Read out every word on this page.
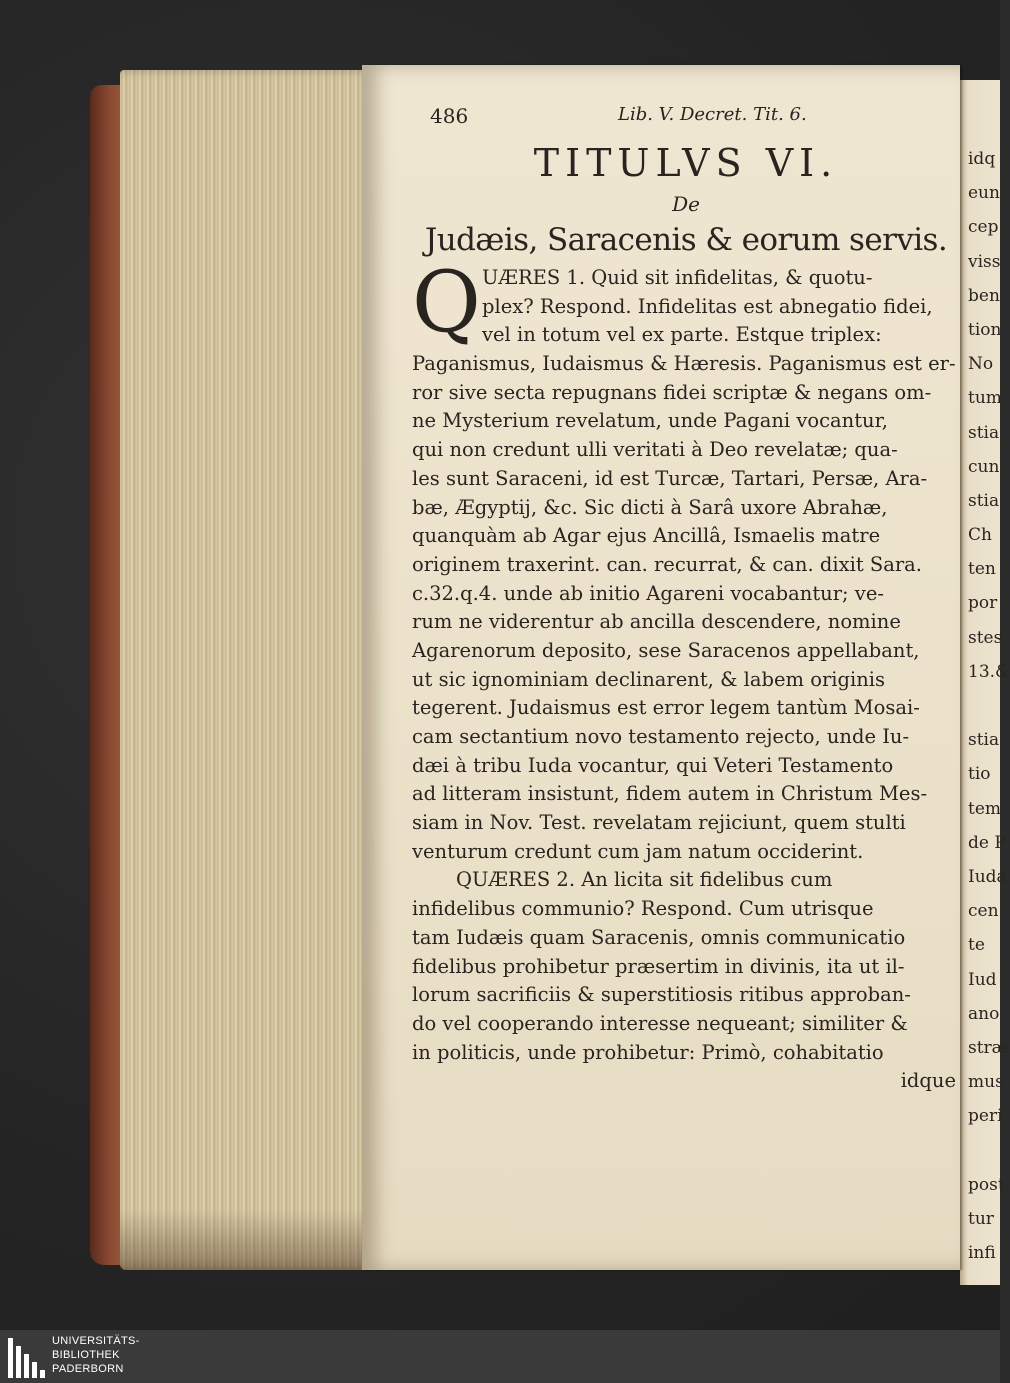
486	Lib. V. Decret. Tit. 6.
TITULVS VI.
De
Judæis, Saracenis & eorum servis.
Q UÆRES 1. Quid sit infidelitas, & quotu-
plex? Respond. Infidelitas est abnegatio fidei,
vel in totum vel ex parte. Estque triplex:
Paganismus, Iudaismus & Hæresis. Paganismus est er-
ror sive secta repugnans fidei scriptæ & negans om-
ne Mysterium revelatum, unde Pagani vocantur,
qui non credunt ulli veritati à Deo revelatæ; qua-
les sunt Saraceni, id est Turcæ, Tartari, Persæ, Ara-
bæ, Ægyptij, &c. Sic dicti à Sarâ uxore Abrahæ,
quanquàm ab Agar ejus Ancillâ, Ismaelis matre
originem traxerint. can. recurrat, & can. dixit Sara.
c.32.q.4. unde ab initio Agareni vocabantur; ve-
rum ne viderentur ab ancilla descendere, nomine
Agarenorum deposito, sese Saracenos appellabant,
ut sic ignominiam declinarent, & labem originis
tegerent. Judaismus est error legem tantùm Mosai-
cam sectantium novo testamento rejecto, unde Iu-
dæi à tribu Iuda vocantur, qui Veteri Testamento
ad litteram insistunt, fidem autem in Christum Mes-
siam in Nov. Test. revelatam rejiciunt, quem stulti
venturum credunt cum jam natum occiderint.
QUÆRES 2. An licita sit fidelibus cum
infidelibus communio? Respond. Cum utrisque
tam Iudæis quam Saracenis, omnis communicatio
fidelibus prohibetur præsertim in divinis, ita ut il-
lorum sacrificiis & superstitiosis ritibus approban-
do vel cooperando interesse nequeant; similiter &
in politicis, unde prohibetur: Primò, cohabitatio
idque
idq
eun
cep
viss
ben
tion
No
tum
stia
cun
stia
Ch
ten
por
stes
13.&
stia
tio
tem
de P
Iuda
cen
te
Iud
ano
stræ
mus
peri
post
tur
infi
UNIVERSITÄTS-
BIBLIOTHEK
PADERBORN
